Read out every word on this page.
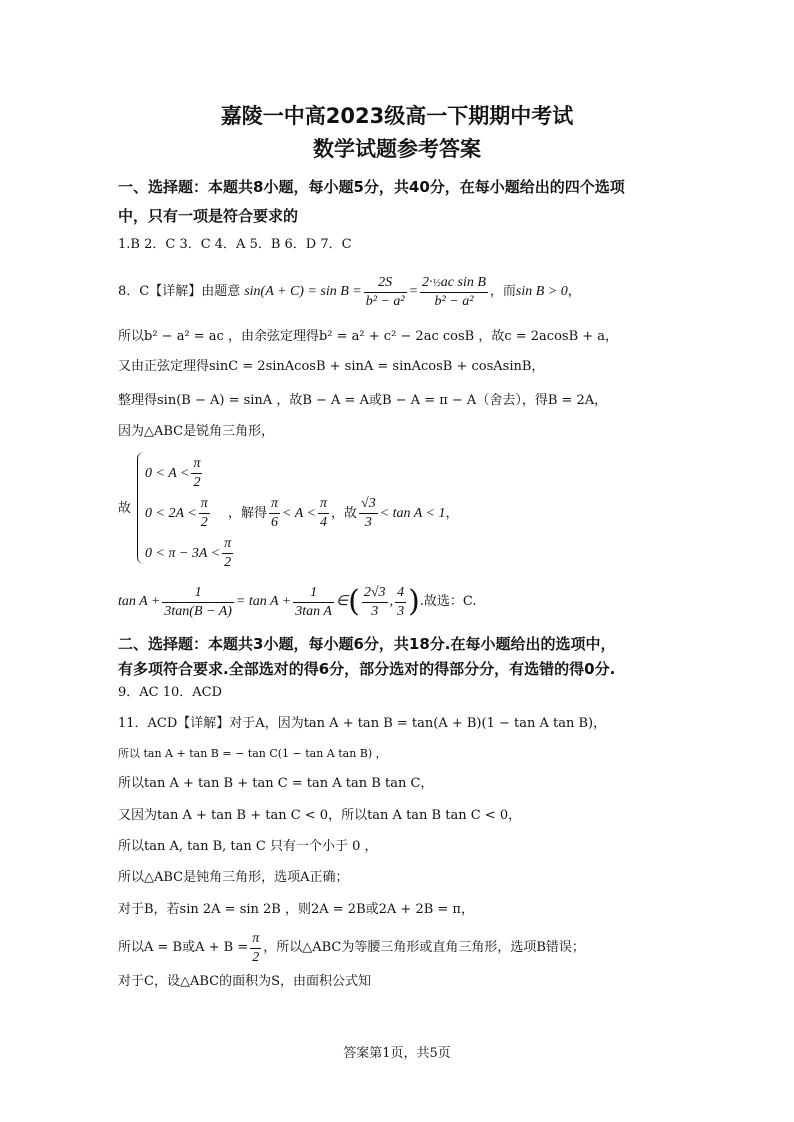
嘉陵一中高2023级高一下期期中考试
数学试题参考答案
一、选择题：本题共8小题，每小题5分，共40分，在每小题给出的四个选项
中，只有一项是符合要求的
1.B 2．C 3．C 4．A 5．B 6．D 7．C
8．C【详解】由题意 $\sin(A + C) = \sin B = \frac{2S}{\text{b² − a²}} = \frac{\text{2·½ac sin B}}{\text{b² − a²}}$ ，而 sin B > 0 ，
所以b² − a² = ac ，由余弦定理得b² = a² + c² − 2ac cosB ，故c = 2acosB + a，
又由正弦定理得sinC = 2sinAcosB + sinA = sinAcosB + cosAsinB，
整理得sin(B − A) = sinA ，故B − A = A或B − A = π − A（舍去），得B = 2A，
因为△ABC是锐角三角形，
故
$0 < A < \frac{\pi}{2}$
$0 < 2A < \frac{\pi}{2}$
$0 < \pi - 3A < \frac{\pi}{2}$
，解得 $\frac{\pi}{6} < A < \frac{\pi}{4}$ ，故 $\frac{√3}{3} < \tan A < 1$ ，
$\tan A + \frac{1}{3\tan(B - A)} = \tan A + \frac{1}{\text{3tan A}}$ ∈ ( $\frac{2√3}{3}$ , $\frac{4}{3}$ ) .故选：C.
二、选择题：本题共3小题，每小题6分，共18分.在每小题给出的选项中，
有多项符合要求.全部选对的得6分，部分选对的得部分分，有选错的得0分.
9．AC 10．ACD
11．ACD【详解】对于A，因为tan A + tan B = tan(A + B)(1 − tan A tan B)，
所以 tan A + tan B = − tan C(1 − tan A tan B) ，
所以tan A + tan B + tan C = tan A tan B tan C，
又因为tan A + tan B + tan C < 0，所以tan A tan B tan C < 0，
所以tan A, tan B, tan C 只有一个小于 0 ，
所以△ABC是钝角三角形，选项A正确；
对于B，若sin 2A = sin 2B ，则2A = 2B或2A + 2B = π，
所以A = B或$A + B = \frac{\pi}{2}$ ，所以△ABC为等腰三角形或直角三角形，选项B错误；
对于C，设△ABC的面积为S，由面积公式知
答案第1页，共5页
